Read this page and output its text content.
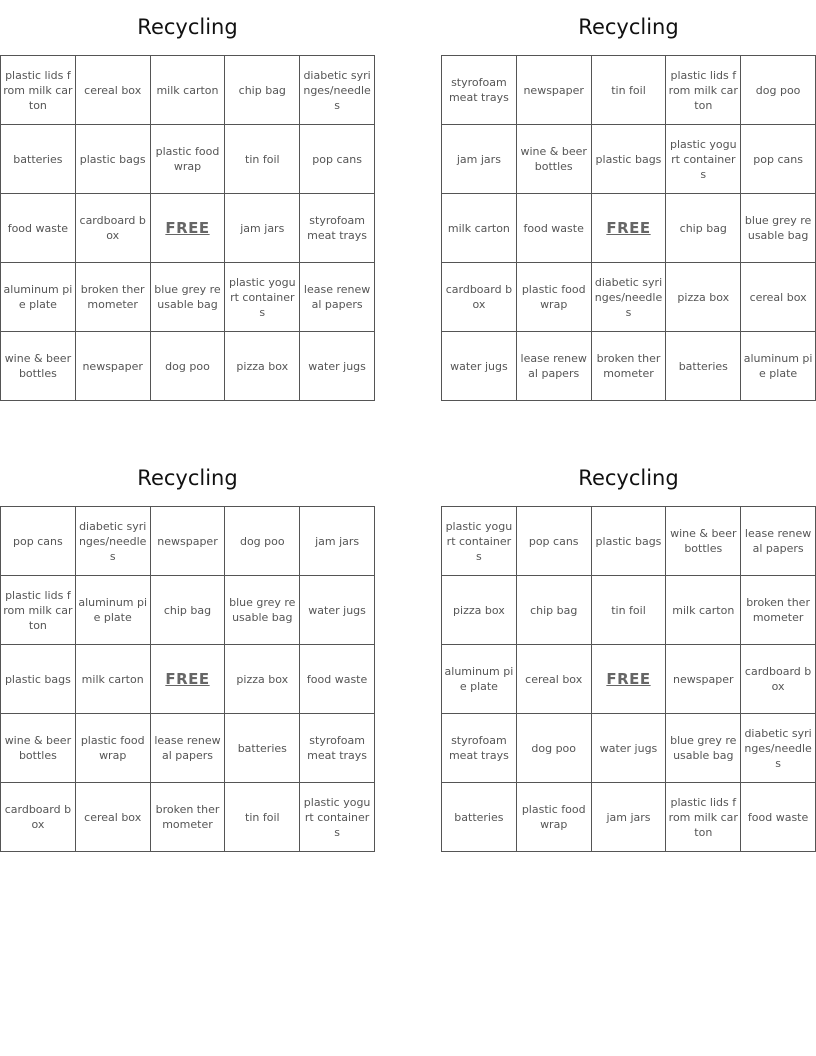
Recycling
plastic lids from milk carton	cereal box	milk carton	chip bag	diabetic syringes/needles
batteries	plastic bags	plastic food wrap	tin foil	pop cans
food waste	cardboard box	FREE	jam jars	styrofoam meat trays
aluminum pie plate	broken thermometer	blue grey reusable bag	plastic yogurt containers	lease renewal papers
wine & beer bottles	newspaper	dog poo	pizza box	water jugs
Recycling
styrofoam meat trays	newspaper	tin foil	plastic lids from milk carton	dog poo
jam jars	wine & beer bottles	plastic bags	plastic yogurt containers	pop cans
milk carton	food waste	FREE	chip bag	blue grey reusable bag
cardboard box	plastic food wrap	diabetic syringes/needles	pizza box	cereal box
water jugs	lease renewal papers	broken thermometer	batteries	aluminum pie plate
Recycling
pop cans	diabetic syringes/needles	newspaper	dog poo	jam jars
plastic lids from milk carton	aluminum pie plate	chip bag	blue grey reusable bag	water jugs
plastic bags	milk carton	FREE	pizza box	food waste
wine & beer bottles	plastic food wrap	lease renewal papers	batteries	styrofoam meat trays
cardboard box	cereal box	broken thermometer	tin foil	plastic yogurt containers
Recycling
plastic yogurt containers	pop cans	plastic bags	wine & beer bottles	lease renewal papers
pizza box	chip bag	tin foil	milk carton	broken thermometer
aluminum pie plate	cereal box	FREE	newspaper	cardboard box
styrofoam meat trays	dog poo	water jugs	blue grey reusable bag	diabetic syringes/needles
batteries	plastic food wrap	jam jars	plastic lids from milk carton	food waste
